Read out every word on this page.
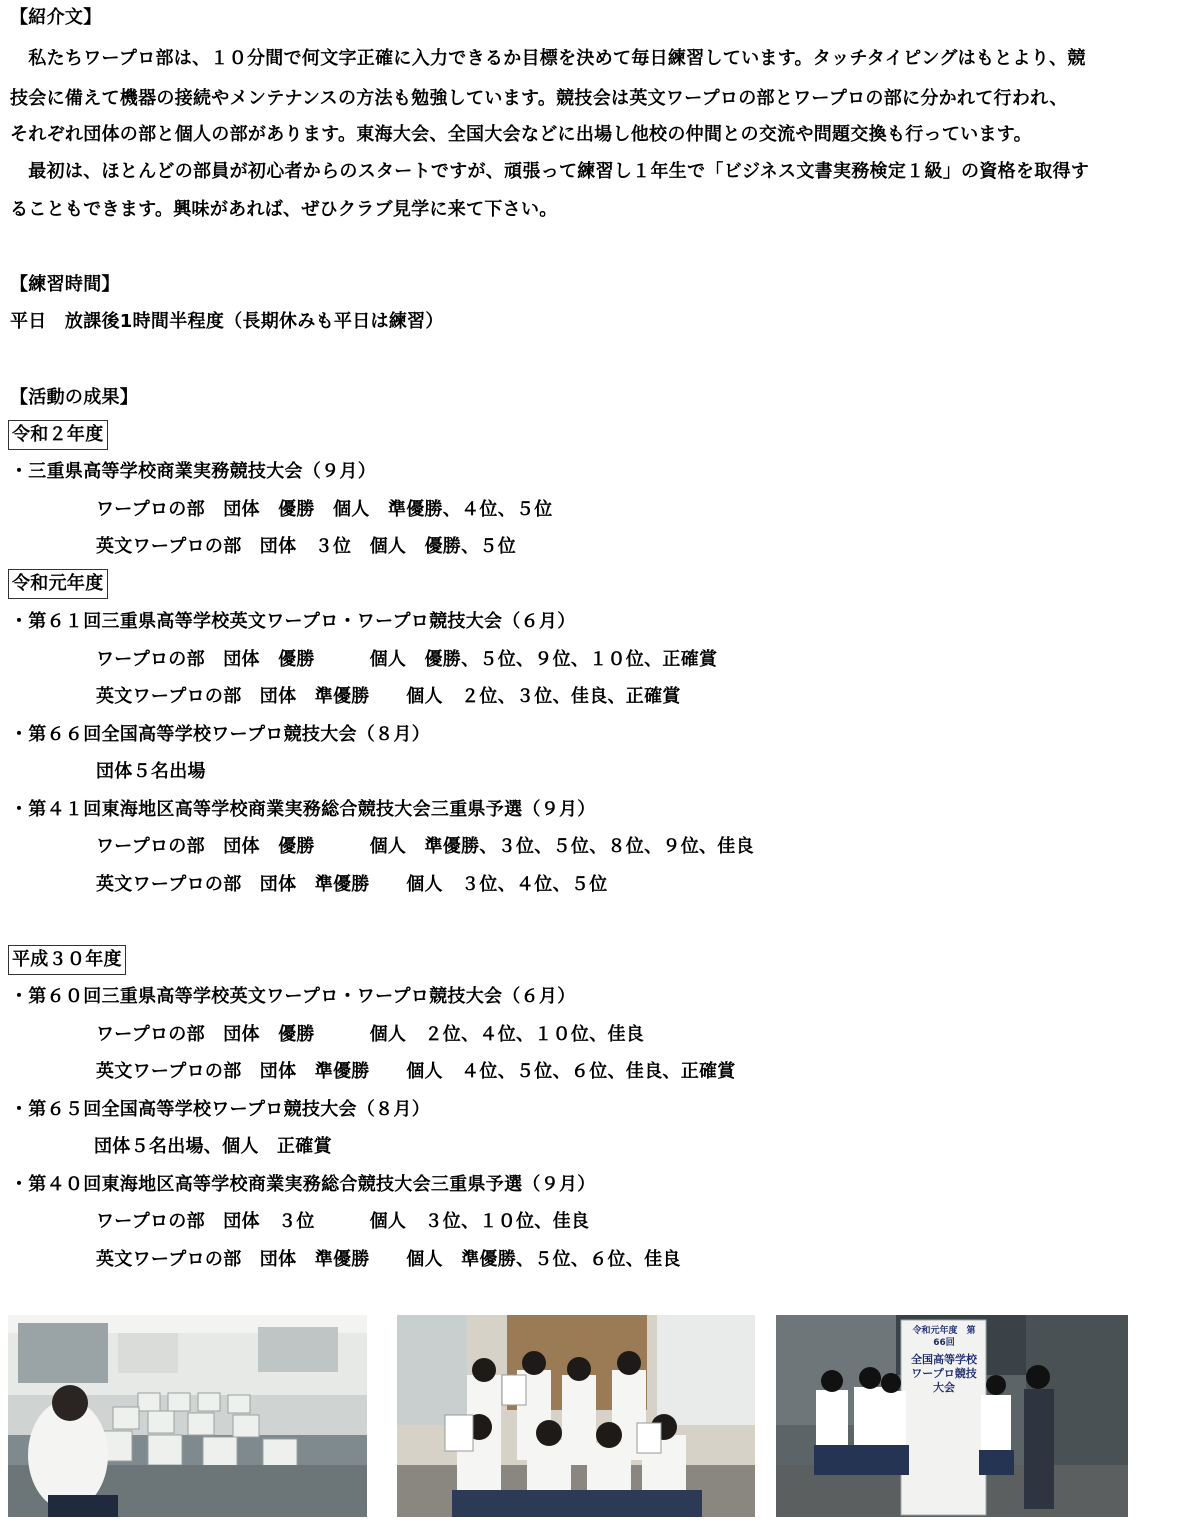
【紹介文】
　私たちワープロ部は、１０分間で何文字正確に入力できるか目標を決めて毎日練習しています。タッチタイピングはもとより、競
技会に備えて機器の接続やメンテナンスの方法も勉強しています。競技会は英文ワープロの部とワープロの部に分かれて行われ、
それぞれ団体の部と個人の部があります。東海大会、全国大会などに出場し他校の仲間との交流や問題交換も行っています。
　最初は、ほとんどの部員が初心者からのスタートですが、頑張って練習し１年生で「ビジネス文書実務検定１級」の資格を取得す
ることもできます。興味があれば、ぜひクラブ見学に来て下さい。
【練習時間】
平日　放課後1時間半程度（長期休みも平日は練習）
【活動の成果】
令和２年度
・三重県高等学校商業実務競技大会（９月）
ワープロの部　団体　優勝　個人　準優勝、４位、５位
英文ワープロの部　団体　３位　個人　優勝、５位
令和元年度
・第６１回三重県高等学校英文ワープロ・ワープロ競技大会（６月）
ワープロの部　団体　優勝　　　個人　優勝、５位、９位、１０位、正確賞
英文ワープロの部　団体　準優勝　　個人　２位、３位、佳良、正確賞
・第６６回全国高等学校ワープロ競技大会（８月）
団体５名出場
・第４１回東海地区高等学校商業実務総合競技大会三重県予選（９月）
ワープロの部　団体　優勝　　　個人　準優勝、３位、５位、８位、９位、佳良
英文ワープロの部　団体　準優勝　　個人　３位、４位、５位
平成３０年度
・第６０回三重県高等学校英文ワープロ・ワープロ競技大会（６月）
ワープロの部　団体　優勝　　　個人　２位、４位、１０位、佳良
英文ワープロの部　団体　準優勝　　個人　４位、５位、６位、佳良、正確賞
・第６５回全国高等学校ワープロ競技大会（８月）
団体５名出場、個人　正確賞
・第４０回東海地区高等学校商業実務総合競技大会三重県予選（９月）
ワープロの部　団体　３位　　　個人　３位、１０位、佳良
英文ワープロの部　団体　準優勝　　個人　準優勝、５位、６位、佳良
令和元年度　第66回
全国高等学校ワープロ競技大会
